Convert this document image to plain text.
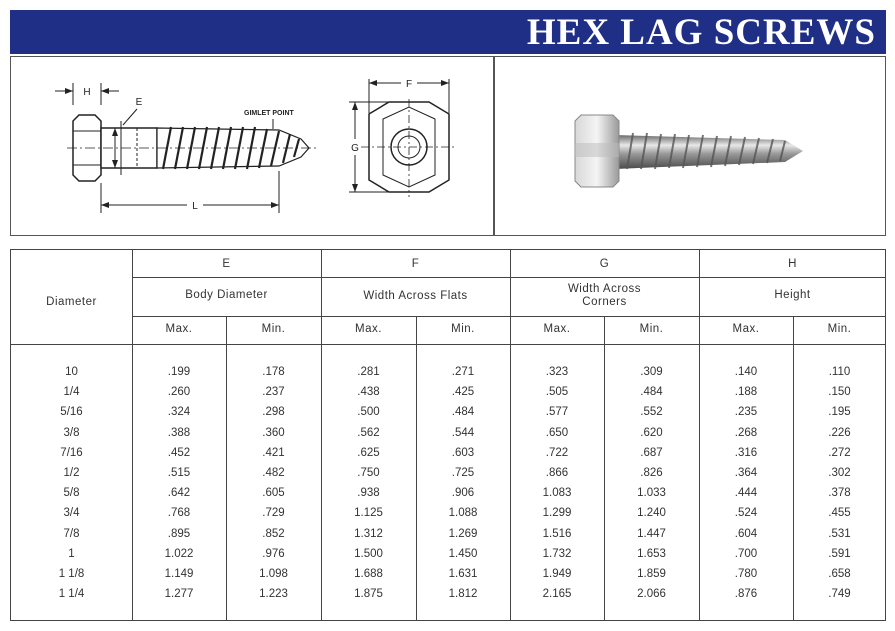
HEX LAG SCREWS
H
E
GIMLET POINT
L
F
G
Diameter
E	F	G	H
Body Diameter	Width Across Flats
Width Across Corners
Height
Max.	Min.	Max.	Min.	Max.	Min.	Max.	Min.
10	.199	.178	.281	.271	.323	.309	.140	.110
1/4	.260	.237	.438	.425	.505	.484	.188	.150
5/16	.324	.298	.500	.484	.577	.552	.235	.195
3/8	.388	.360	.562	.544	.650	.620	.268	.226
7/16	.452	.421	.625	.603	.722	.687	.316	.272
1/2	.515	.482	.750	.725	.866	.826	.364	.302
5/8	.642	.605	.938	.906	1.083	1.033	.444	.378
3/4	.768	.729	1.125	1.088	1.299	1.240	.524	.455
7/8	.895	.852	1.312	1.269	1.516	1.447	.604	.531
1	1.022	.976	1.500	1.450	1.732	1.653	.700	.591
1 1/8	1.149	1.098	1.688	1.631	1.949	1.859	.780	.658
1 1/4	1.277	1.223	1.875	1.812	2.165	2.066	.876	.749
